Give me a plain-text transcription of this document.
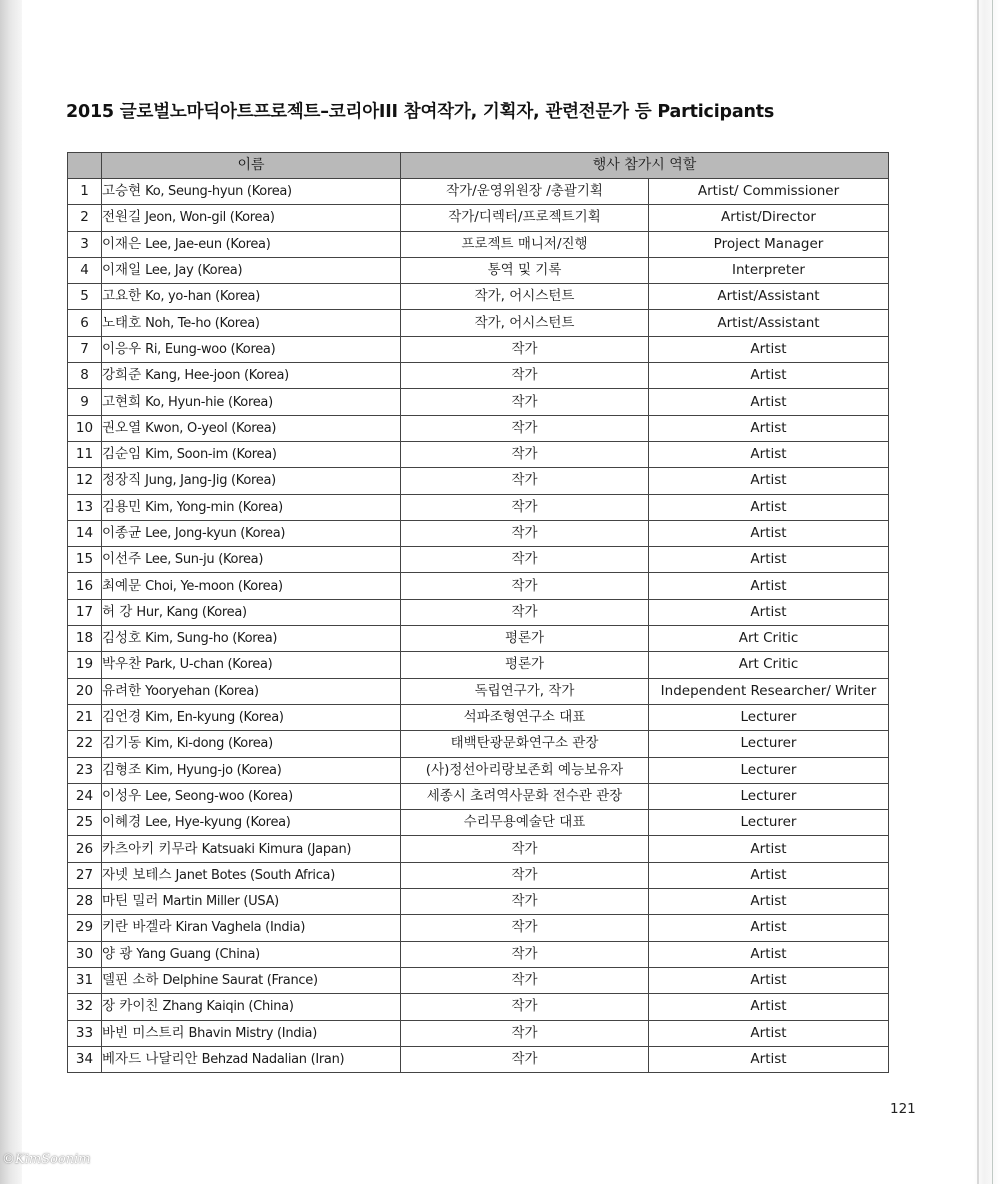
2015 글로벌노마딕아트프로젝트–코리아III 참여작가, 기획자, 관련전문가 등 Participants
	이름	행사 참가시 역할	
1	고승현 Ko, Seung-hyun (Korea)	작가/운영위원장 /총괄기획	Artist/ Commissioner
2	전원길 Jeon, Won-gil (Korea)	작가/디렉터/프로젝트기획	Artist/Director
3	이재은 Lee, Jae-eun (Korea)	프로젝트 매니저/진행	Project Manager
4	이재일 Lee, Jay (Korea)	통역 및 기록	Interpreter
5	고요한 Ko, yo-han (Korea)	작가, 어시스턴트	Artist/Assistant
6	노태호 Noh, Te-ho (Korea)	작가, 어시스턴트	Artist/Assistant
7	이응우 Ri, Eung-woo (Korea)	작가	Artist
8	강희준 Kang, Hee-joon (Korea)	작가	Artist
9	고현희 Ko, Hyun-hie (Korea)	작가	Artist
10	권오열 Kwon, O-yeol (Korea)	작가	Artist
11	김순임 Kim, Soon-im (Korea)	작가	Artist
12	정장직 Jung, Jang-Jig (Korea)	작가	Artist
13	김용민 Kim, Yong-min (Korea)	작가	Artist
14	이종균 Lee, Jong-kyun (Korea)	작가	Artist
15	이선주 Lee, Sun-ju (Korea)	작가	Artist
16	최예문 Choi, Ye-moon (Korea)	작가	Artist
17	허 강 Hur, Kang (Korea)	작가	Artist
18	김성호 Kim, Sung-ho (Korea)	평론가	Art Critic
19	박우찬 Park, U-chan (Korea)	평론가	Art Critic
20	유려한 Yooryehan (Korea)	독립연구가, 작가	Independent Researcher/ Writer
21	김언경 Kim, En-kyung (Korea)	석파조형연구소 대표	Lecturer
22	김기동 Kim, Ki-dong (Korea)	태백탄광문화연구소 관장	Lecturer
23	김형조 Kim, Hyung-jo (Korea)	(사)정선아리랑보존회 예능보유자	Lecturer
24	이성우 Lee, Seong-woo (Korea)	세종시 초려역사문화 전수관 관장	Lecturer
25	이혜경 Lee, Hye-kyung (Korea)	수리무용예술단 대표	Lecturer
26	카츠아키 키무라 Katsuaki Kimura (Japan)	작가	Artist
27	자넷 보테스 Janet Botes (South Africa)	작가	Artist
28	마틴 밀러 Martin Miller (USA)	작가	Artist
29	키란 바겔라 Kiran Vaghela (India)	작가	Artist
30	양 광 Yang Guang (China)	작가	Artist
31	델핀 소하 Delphine Saurat (France)	작가	Artist
32	장 카이친 Zhang Kaiqin (China)	작가	Artist
33	바빈 미스트리 Bhavin Mistry (India)	작가	Artist
34	베자드 나달리안 Behzad Nadalian (Iran)	작가	Artist
121
©KimSoonim
